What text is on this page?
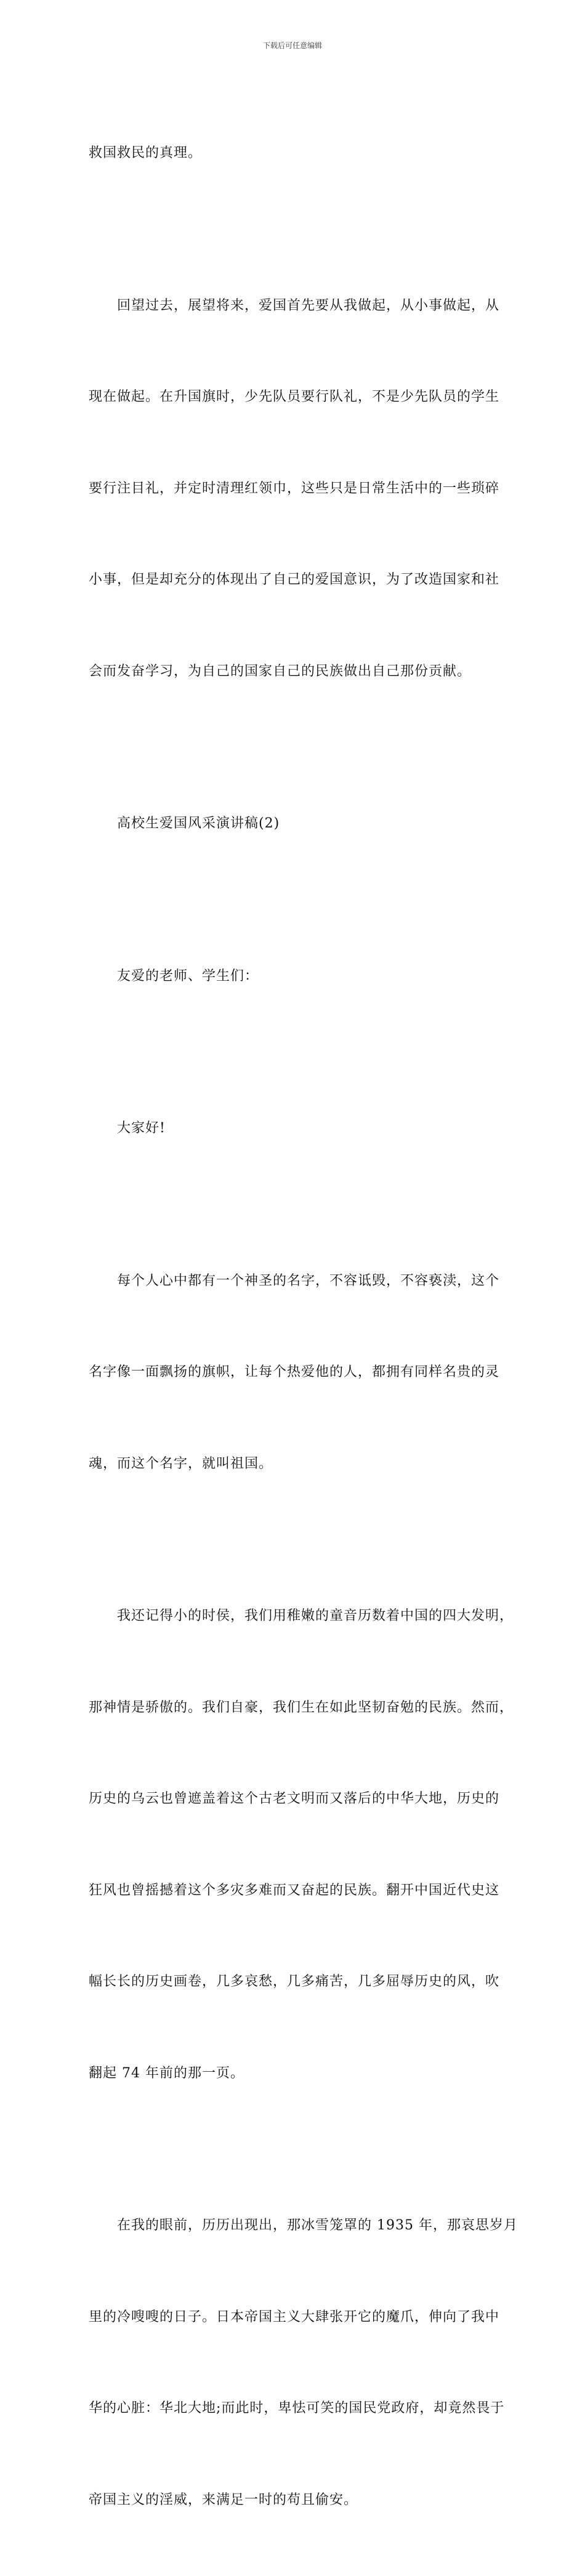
下载后可任意编辑

救国救民的真理。

　　回望过去，展望将来，爱国首先要从我做起，从小事做起，从

现在做起。在升国旗时，少先队员要行队礼，不是少先队员的学生

要行注目礼，并定时清理红领巾，这些只是日常生活中的一些琐碎

小事，但是却充分的体现出了自己的爱国意识，为了改造国家和社

会而发奋学习，为自己的国家自己的民族做出自己那份贡献。

　　高校生爱国风采演讲稿(2)

　　友爱的老师、学生们：

　　大家好!

　　每个人心中都有一个神圣的名字，不容诋毁，不容亵渎，这个

名字像一面飘扬的旗帜，让每个热爱他的人，都拥有同样名贵的灵

魂，而这个名字，就叫祖国。

　　我还记得小的时侯，我们用稚嫩的童音历数着中国的四大发明，

那神情是骄傲的。我们自豪，我们生在如此坚韧奋勉的民族。然而，

历史的乌云也曾遮盖着这个古老文明而又落后的中华大地，历史的

狂风也曾摇撼着这个多灾多难而又奋起的民族。翻开中国近代史这

幅长长的历史画卷，几多哀愁，几多痛苦，几多屈辱历史的风，吹

翻起 74 年前的那一页。

　　在我的眼前，历历出现出，那冰雪笼罩的 1935 年，那哀思岁月

里的冷嗖嗖的日子。日本帝国主义大肆张开它的魔爪，伸向了我中

华的心脏：华北大地;而此时，卑怯可笑的国民党政府，却竟然畏于

帝国主义的淫威，来满足一时的苟且偷安。
